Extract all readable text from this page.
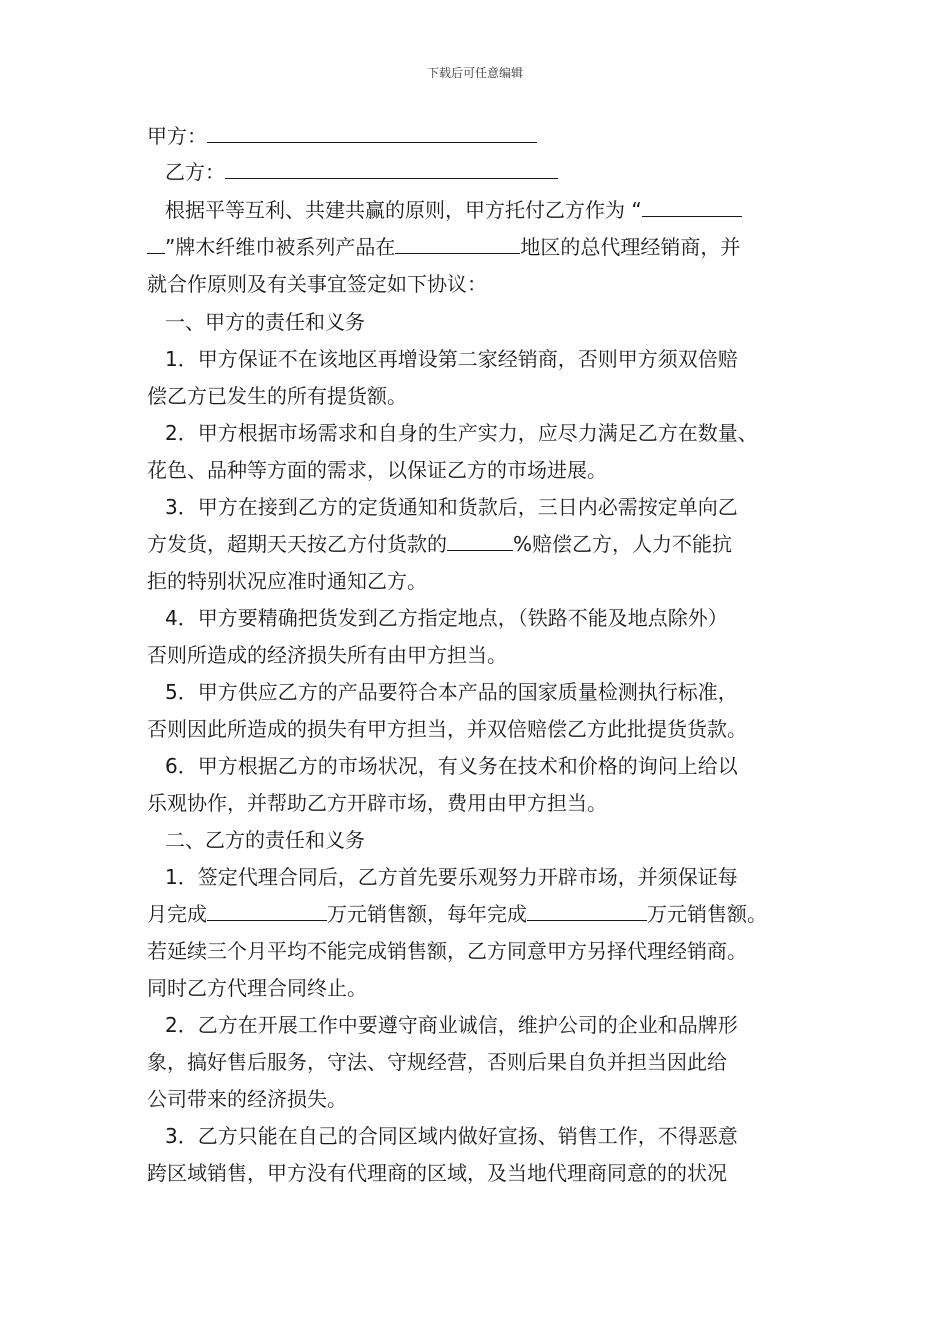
下载后可任意编辑
甲方：
乙方：
根据平等互利、共建共赢的原则，甲方托付乙方作为 “
”牌木纤维巾被系列产品在	地区的总代理经销商，并
就合作原则及有关事宜签定如下协议：
一、甲方的责任和义务
1．甲方保证不在该地区再增设第二家经销商，否则甲方须双倍赔
偿乙方已发生的所有提货额。
2．甲方根据市场需求和自身的生产实力，应尽力满足乙方在数量、
花色、品种等方面的需求，以保证乙方的市场进展。
3．甲方在接到乙方的定货通知和货款后，三日内必需按定单向乙
方发货，超期天天按乙方付货款的	%赔偿乙方，人力不能抗
拒的特别状况应准时通知乙方。
4．甲方要精确把货发到乙方指定地点，（铁路不能及地点除外）
否则所造成的经济损失所有由甲方担当。
5．甲方供应乙方的产品要符合本产品的国家质量检测执行标准，
否则因此所造成的损失有甲方担当，并双倍赔偿乙方此批提货货款。
6．甲方根据乙方的市场状况，有义务在技术和价格的询问上给以
乐观协作，并帮助乙方开辟市场，费用由甲方担当。
二、乙方的责任和义务
1．签定代理合同后，乙方首先要乐观努力开辟市场，并须保证每
月完成	万元销售额，每年完成	万元销售额。
若延续三个月平均不能完成销售额，乙方同意甲方另择代理经销商。
同时乙方代理合同终止。
2．乙方在开展工作中要遵守商业诚信，维护公司的企业和品牌形
象，搞好售后服务，守法、守规经营，否则后果自负并担当因此给
公司带来的经济损失。
3．乙方只能在自己的合同区域内做好宣扬、销售工作，不得恶意
跨区域销售，甲方没有代理商的区域，及当地代理商同意的的状况
